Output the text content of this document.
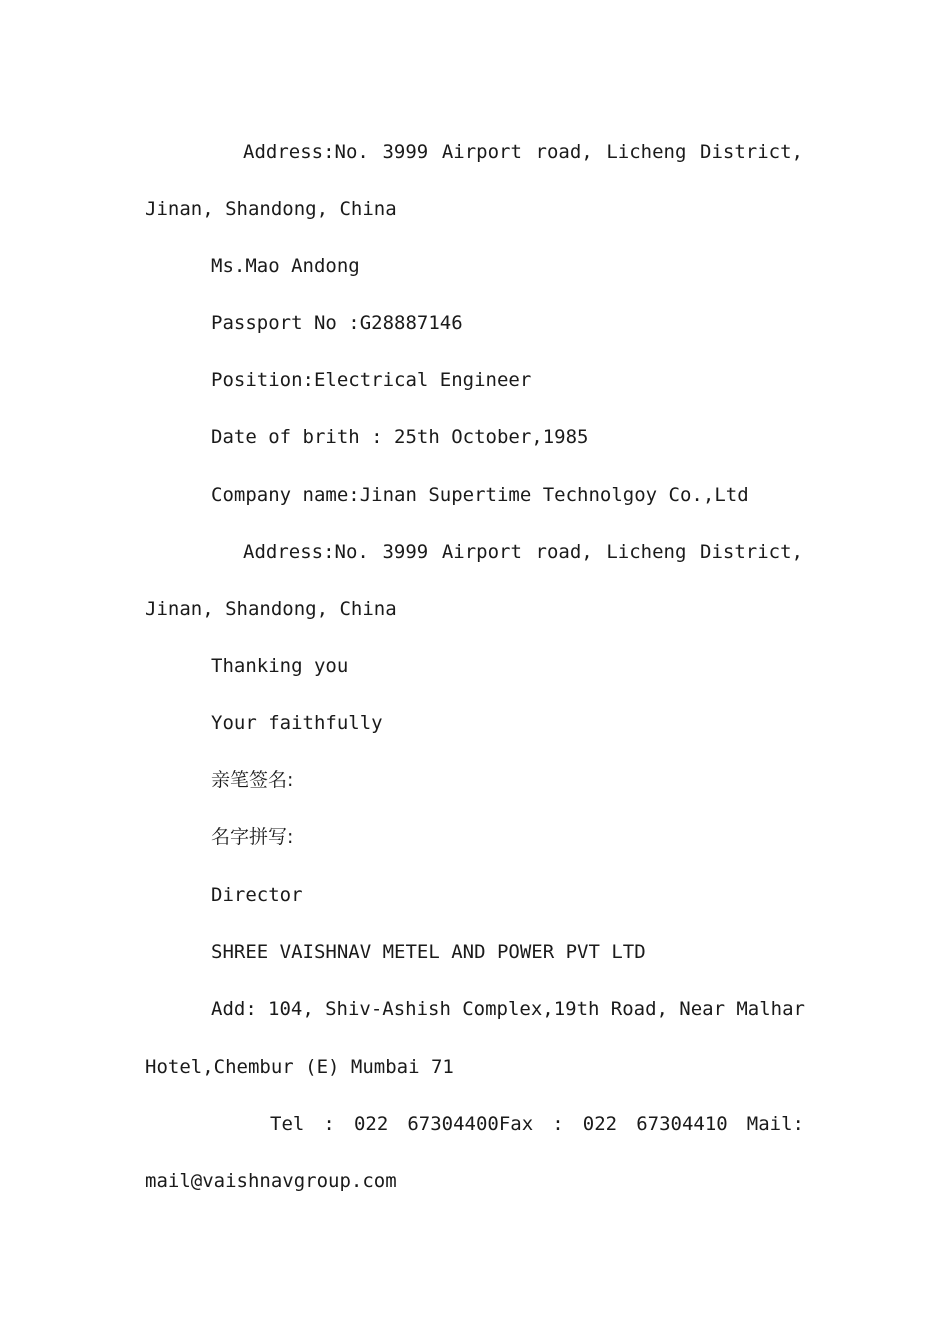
Address:No. 3999 Airport road, Licheng District,
Jinan, Shandong, China
Ms.Mao Andong
Passport No :G28887146
Position:Electrical Engineer
Date of brith : 25th October,1985
Company name:Jinan Supertime Technolgoy Co.,Ltd
Address:No. 3999 Airport road, Licheng District,
Jinan, Shandong, China
Thanking you
Your faithfully
亲笔签名:
名字拼写:
Director
SHREE VAISHNAV METEL AND POWER PVT LTD
Add: 104, Shiv-Ashish Complex,19th Road, Near Malhar
Hotel,Chembur (E) Mumbai 71
Tel : 022 67304400Fax : 022 67304410 Mail:
mail@vaishnavgroup.com
